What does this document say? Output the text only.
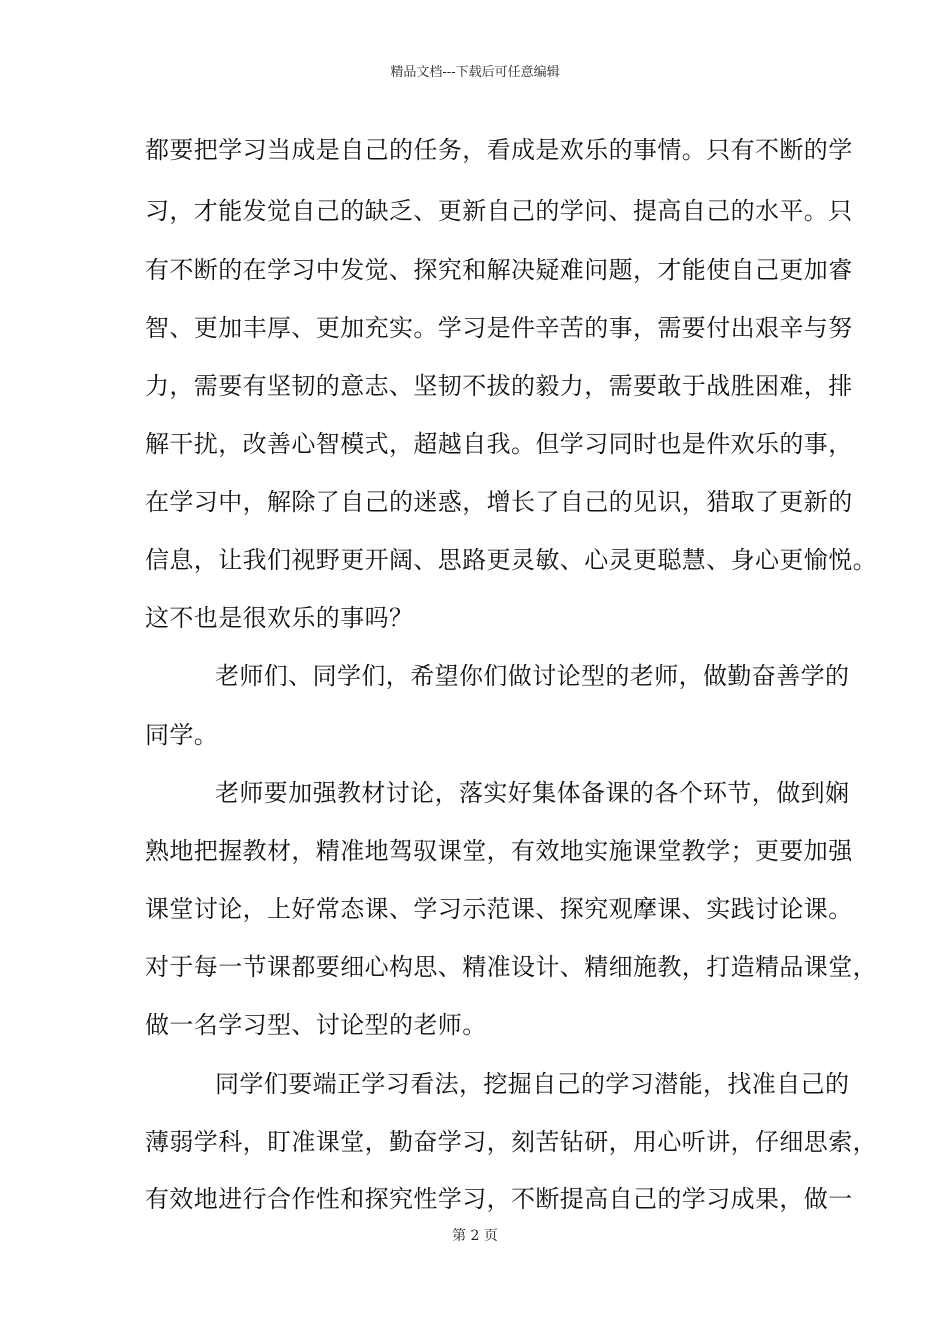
精品文档---下载后可任意编辑
都要把学习当成是自己的任务，看成是欢乐的事情。只有不断的学
习，才能发觉自己的缺乏、更新自己的学问、提高自己的水平。只
有不断的在学习中发觉、探究和解决疑难问题，才能使自己更加睿
智、更加丰厚、更加充实。学习是件辛苦的事，需要付出艰辛与努
力，需要有坚韧的意志、坚韧不拔的毅力，需要敢于战胜困难，排
解干扰，改善心智模式，超越自我。但学习同时也是件欢乐的事，
在学习中，解除了自己的迷惑，增长了自己的见识，猎取了更新的
信息，让我们视野更开阔、思路更灵敏、心灵更聪慧、身心更愉悦。
这不也是很欢乐的事吗？
老师们、同学们，希望你们做讨论型的老师，做勤奋善学的
同学。
老师要加强教材讨论，落实好集体备课的各个环节，做到娴
熟地把握教材，精准地驾驭课堂，有效地实施课堂教学；更要加强
课堂讨论，上好常态课、学习示范课、探究观摩课、实践讨论课。
对于每一节课都要细心构思、精准设计、精细施教，打造精品课堂，
做一名学习型、讨论型的老师。
同学们要端正学习看法，挖掘自己的学习潜能，找准自己的
薄弱学科，盯准课堂，勤奋学习，刻苦钻研，用心听讲，仔细思索，
有效地进行合作性和探究性学习，不断提高自己的学习成果，做一
第 2 页
